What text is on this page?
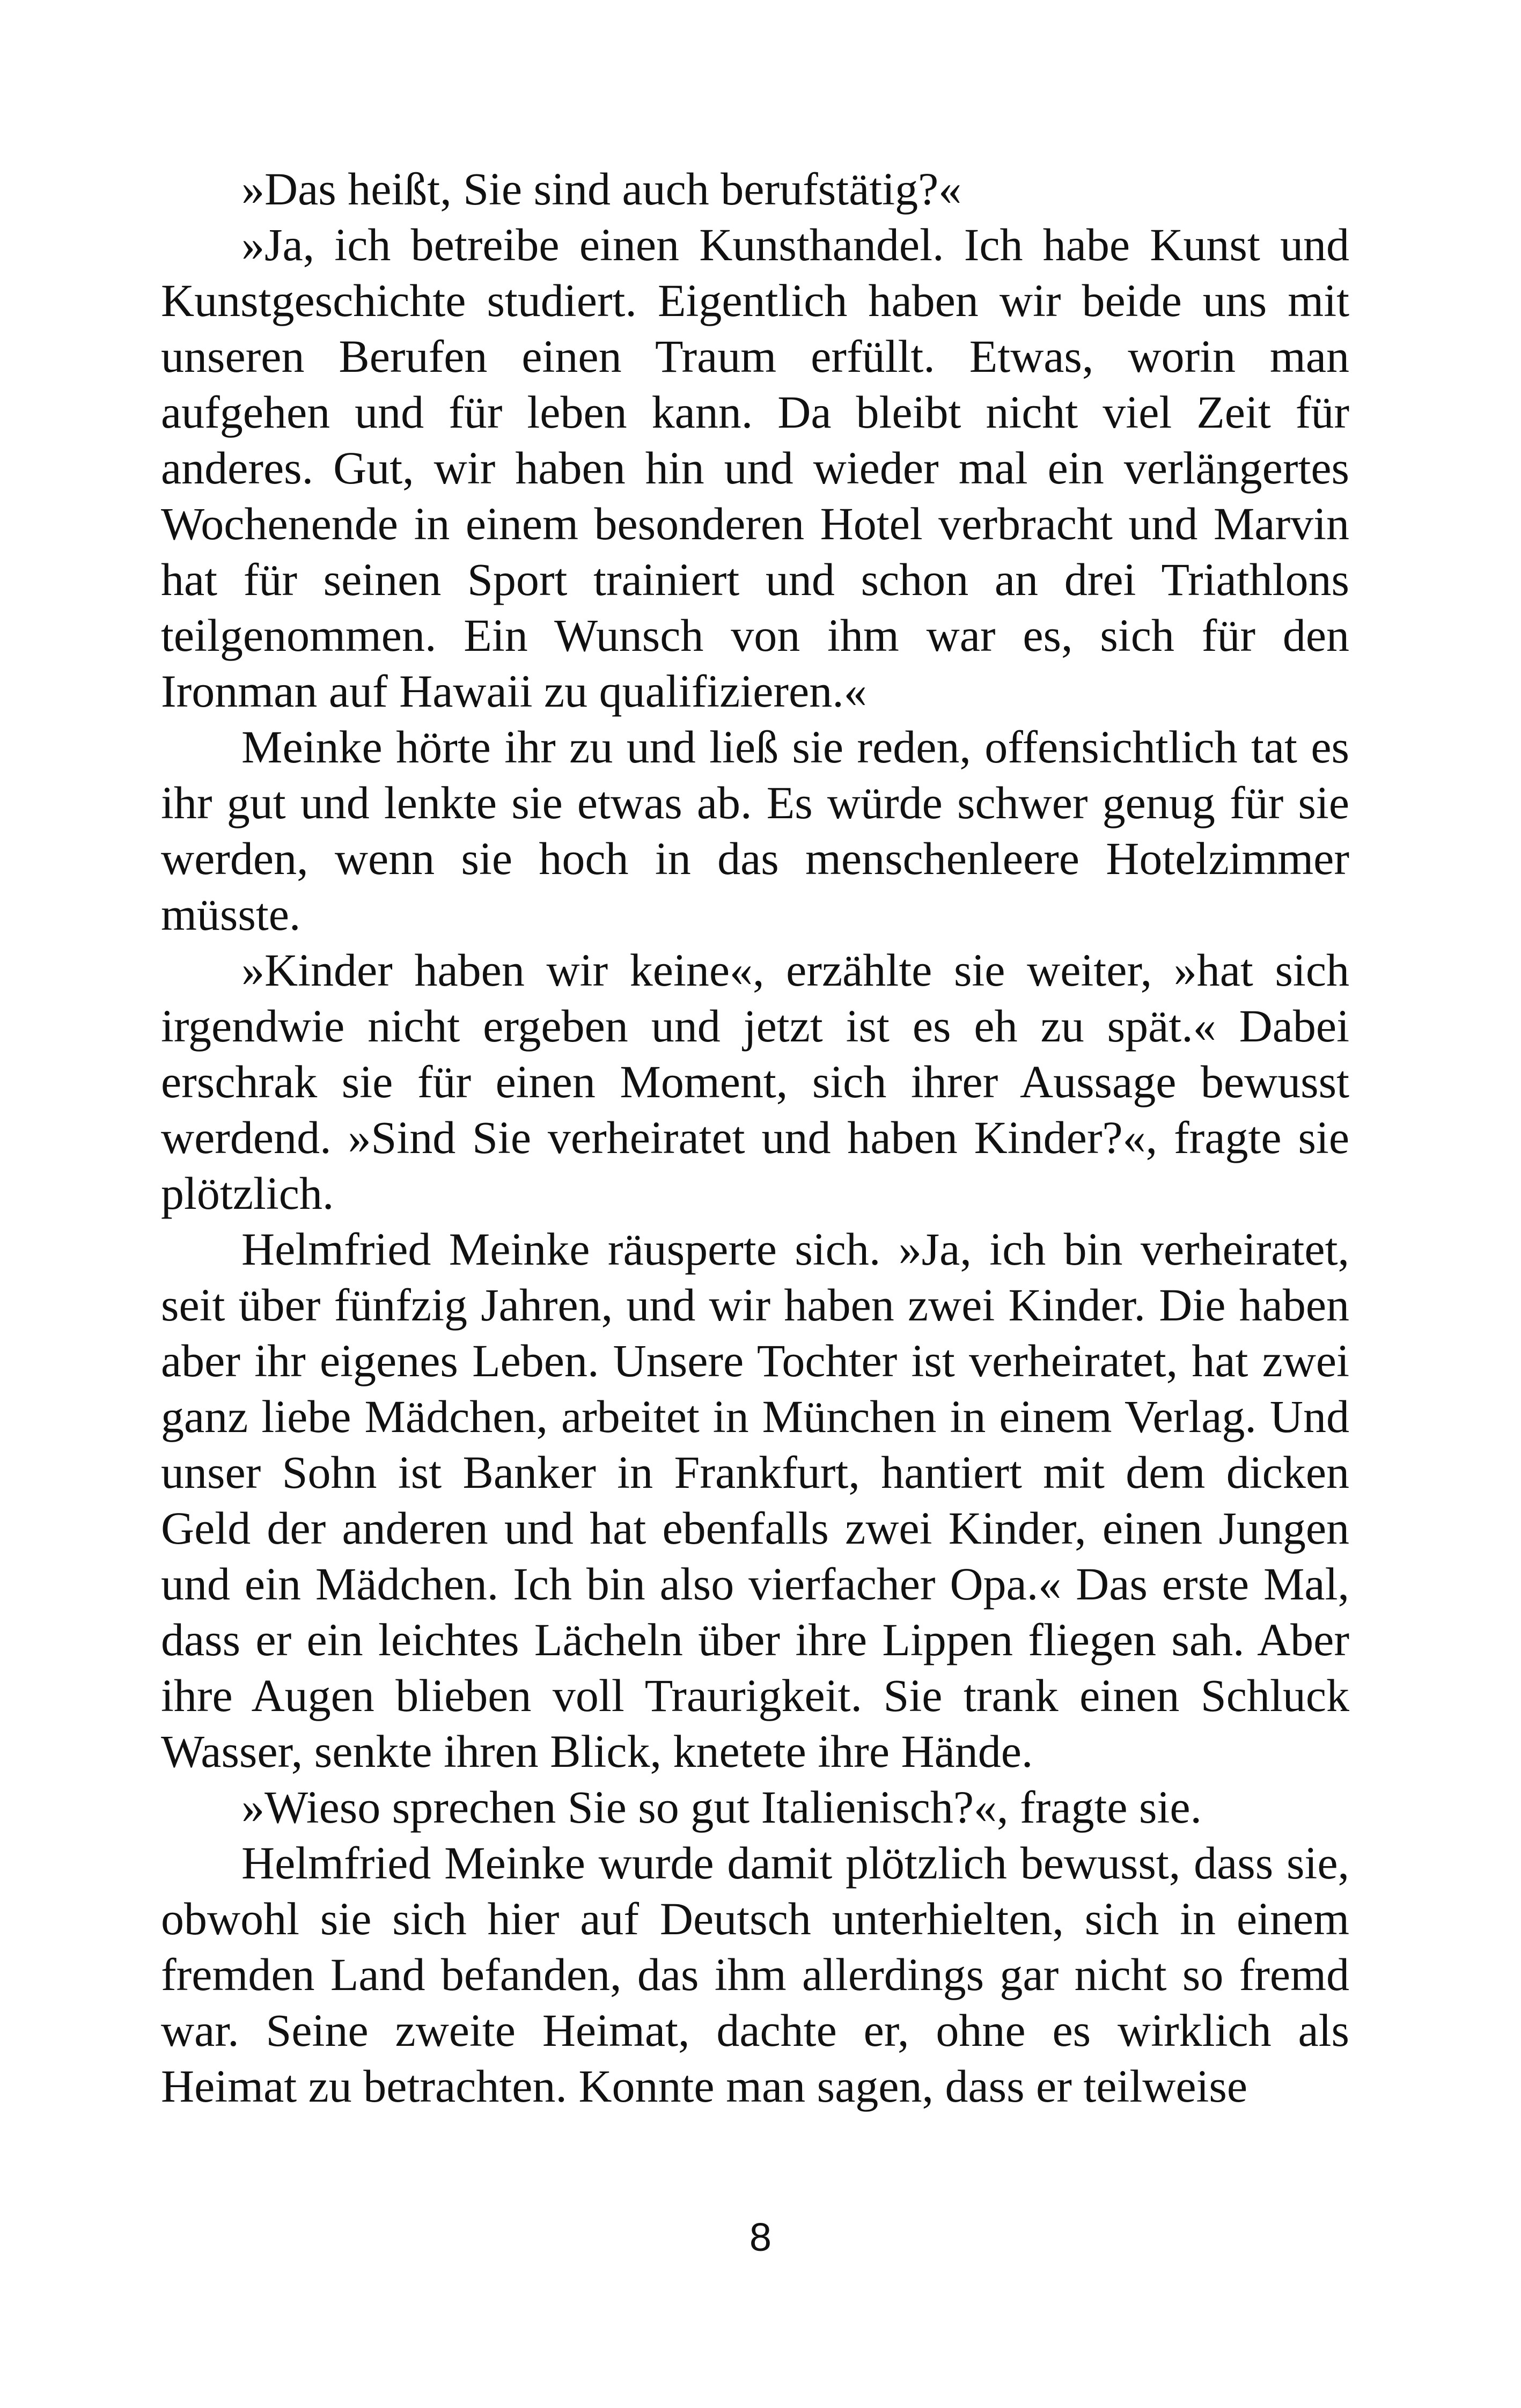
»Das heißt, Sie sind auch berufstätig?«

»Ja, ich betreibe einen Kunsthandel. Ich habe Kunst und Kunstgeschichte studiert. Eigentlich haben wir beide uns mit unseren Berufen einen Traum erfüllt. Etwas, worin man aufgehen und für leben kann. Da bleibt nicht viel Zeit für anderes. Gut, wir haben hin und wieder mal ein verlängertes Wochenende in einem besonderen Hotel verbracht und Marvin hat für seinen Sport trainiert und schon an drei Triathlons teilgenommen. Ein Wunsch von ihm war es, sich für den Ironman auf Hawaii zu qualifizieren.«

Meinke hörte ihr zu und ließ sie reden, offensichtlich tat es ihr gut und lenkte sie etwas ab. Es würde schwer genug für sie werden, wenn sie hoch in das menschenleere Hotelzimmer müsste.

»Kinder haben wir keine«, erzählte sie weiter, »hat sich irgendwie nicht ergeben und jetzt ist es eh zu spät.« Dabei erschrak sie für einen Moment, sich ihrer Aussage bewusst werdend. »Sind Sie verheiratet und haben Kinder?«, fragte sie plötzlich.

Helmfried Meinke räusperte sich. »Ja, ich bin verheiratet, seit über fünfzig Jahren, und wir haben zwei Kinder. Die haben aber ihr eigenes Leben. Unsere Tochter ist verheiratet, hat zwei ganz liebe Mädchen, arbeitet in München in einem Verlag. Und unser Sohn ist Banker in Frankfurt, hantiert mit dem dicken Geld der anderen und hat ebenfalls zwei Kinder, einen Jungen und ein Mädchen. Ich bin also vierfacher Opa.« Das erste Mal, dass er ein leichtes Lächeln über ihre Lippen fliegen sah. Aber ihre Augen blieben voll Traurigkeit. Sie trank einen Schluck Wasser, senkte ihren Blick, knetete ihre Hände.

»Wieso sprechen Sie so gut Italienisch?«, fragte sie.

Helmfried Meinke wurde damit plötzlich bewusst, dass sie, obwohl sie sich hier auf Deutsch unterhielten, sich in einem fremden Land befanden, das ihm allerdings gar nicht so fremd war. Seine zweite Heimat, dachte er, ohne es wirklich als Heimat zu betrachten. Konnte man sagen, dass er teilweise

8
